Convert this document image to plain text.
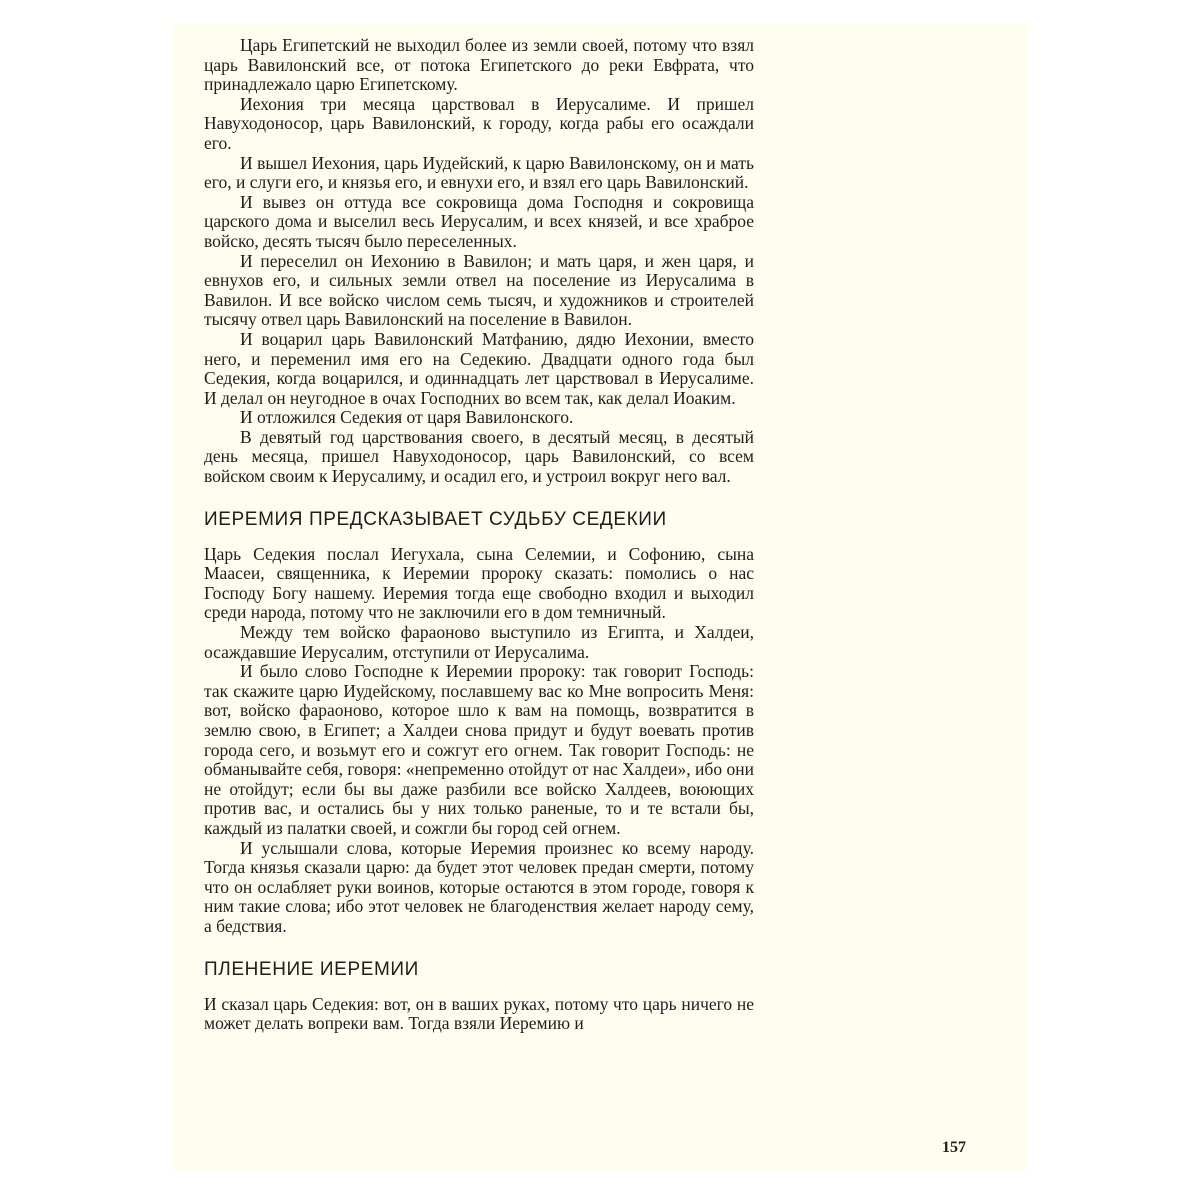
Царь Египетский не выходил более из земли своей, потому что взял царь Вавилонский все, от потока Египетского до реки Евфрата, что принадлежало царю Египетскому.

Иехония три месяца царствовал в Иерусалиме. И пришел Навуходоносор, царь Вавилонский, к городу, когда рабы его осаждали его.

И вышел Иехония, царь Иудейский, к царю Вавилонскому, он и мать его, и слуги его, и князья его, и евнухи его, и взял его царь Вавилонский.

И вывез он оттуда все сокровища дома Господня и сокровища царского дома и выселил весь Иерусалим, и всех князей, и все храброе войско, десять тысяч было переселенных.

И переселил он Иехонию в Вавилон; и мать царя, и жен царя, и евнухов его, и сильных земли отвел на поселение из Иерусалима в Вавилон. И все войско числом семь тысяч, и художников и строителей тысячу отвел царь Вавилонский на поселение в Вавилон.

И воцарил царь Вавилонский Матфанию, дядю Иехонии, вместо него, и переменил имя его на Седекию. Двадцати одного года был Седекия, когда воцарился, и одиннадцать лет царствовал в Иерусалиме. И делал он неугодное в очах Господних во всем так, как делал Иоаким.

И отложился Седекия от царя Вавилонского.

В девятый год царствования своего, в десятый месяц, в десятый день месяца, пришел Навуходоносор, царь Вавилонский, со всем войском своим к Иерусалиму, и осадил его, и устроил вокруг него вал.

ИЕРЕМИЯ ПРЕДСКАЗЫВАЕТ СУДЬБУ СЕДЕКИИ

Царь Седекия послал Иегухала, сына Селемии, и Софонию, сына Маасеи, священника, к Иеремии пророку сказать: помолись о нас Господу Богу нашему. Иеремия тогда еще свободно входил и выходил среди народа, потому что не заключили его в дом темничный.

Между тем войско фараоново выступило из Египта, и Халдеи, осаждавшие Иерусалим, отступили от Иерусалима.

И было слово Господне к Иеремии пророку: так говорит Господь: так скажите царю Иудейскому, пославшему вас ко Мне вопросить Меня: вот, войско фараоново, которое шло к вам на помощь, возвратится в землю свою, в Египет; а Халдеи снова придут и будут воевать против города сего, и возьмут его и сожгут его огнем. Так говорит Господь: не обманывайте себя, говоря: «непременно отойдут от нас Халдеи», ибо они не отойдут; если бы вы даже разбили все войско Халдеев, воюющих против вас, и остались бы у них только раненые, то и те встали бы, каждый из палатки своей, и сожгли бы город сей огнем.

И услышали слова, которые Иеремия произнес ко всему народу. Тогда князья сказали царю: да будет этот человек предан смерти, потому что он ослабляет руки воинов, которые остаются в этом городе, говоря к ним такие слова; ибо этот человек не благоденствия желает народу сему, а бедствия.

ПЛЕНЕНИЕ ИЕРЕМИИ

И сказал царь Седекия: вот, он в ваших руках, потому что царь ничего не может делать вопреки вам. Тогда взяли Иеремию и

157
